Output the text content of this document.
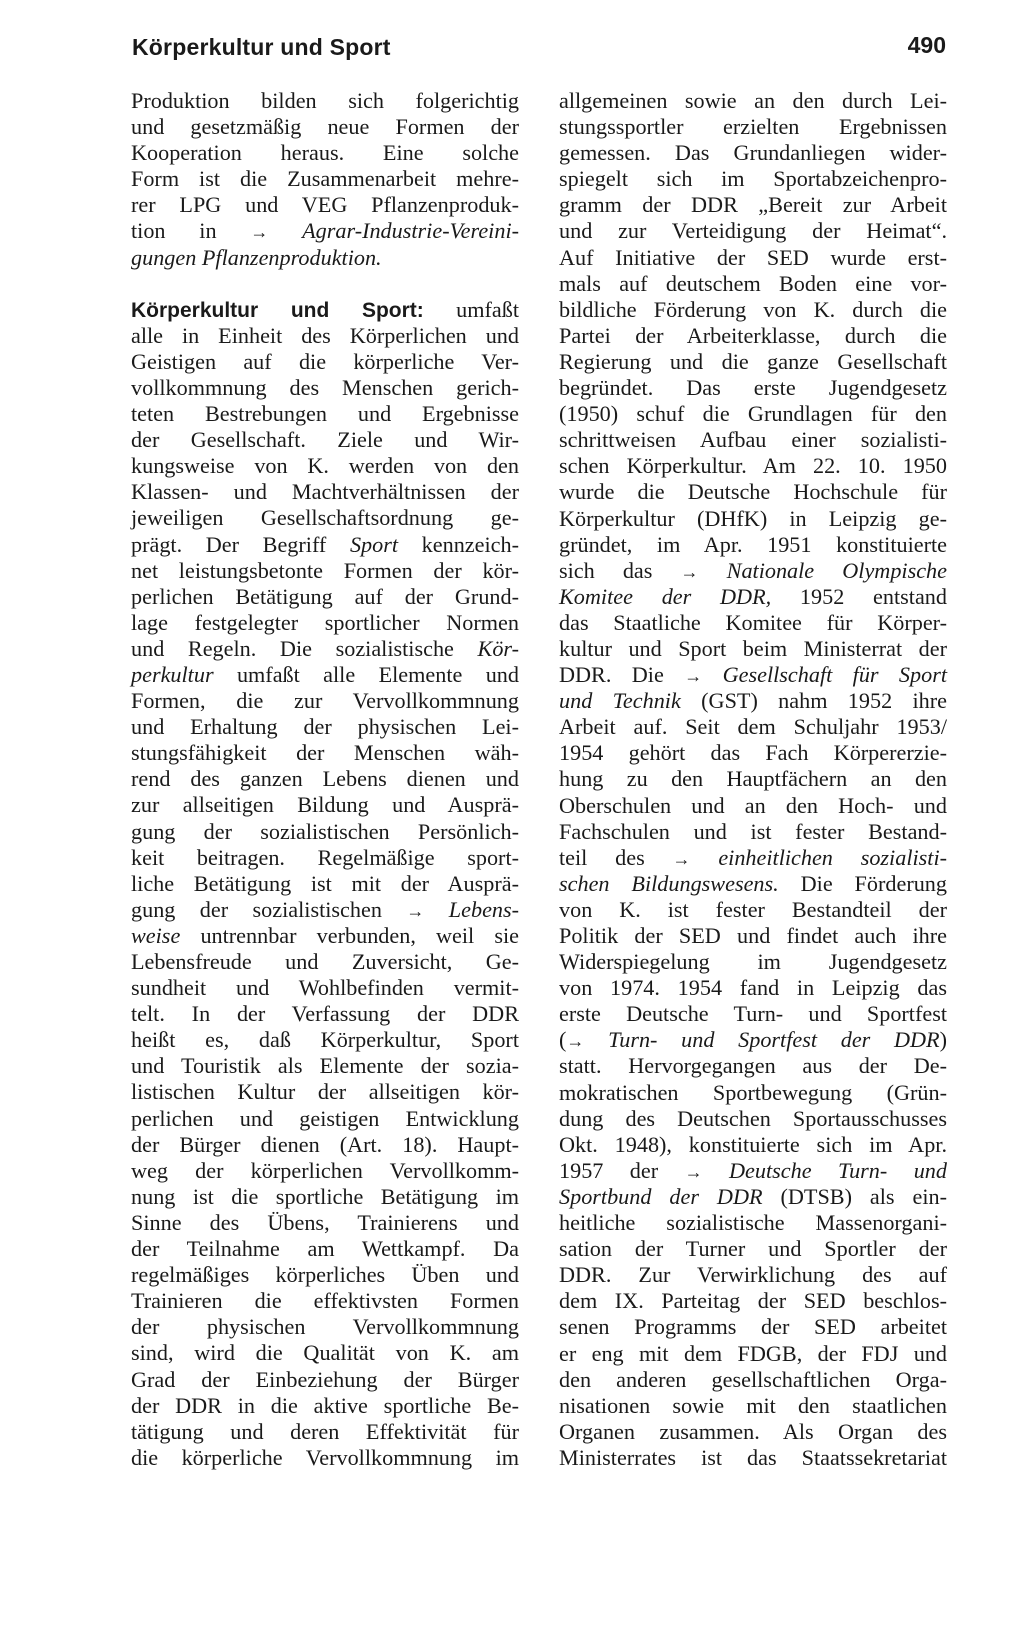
Körperkultur und Sport	490
Produktion bilden sich folgerichtig
und gesetzmäßig neue Formen der
Kooperation heraus. Eine solche
Form ist die Zusammenarbeit mehre-
rer LPG und VEG Pflanzenproduk-
tion in → Agrar-Industrie-Vereini-
gungen Pflanzenproduktion.
Körperkultur und Sport: umfaßt
alle in Einheit des Körperlichen und
Geistigen auf die körperliche Ver-
vollkommnung des Menschen gerich-
teten Bestrebungen und Ergebnisse
der Gesellschaft. Ziele und Wir-
kungsweise von K. werden von den
Klassen- und Machtverhältnissen der
jeweiligen Gesellschaftsordnung ge-
prägt. Der Begriff Sport kennzeich-
net leistungsbetonte Formen der kör-
perlichen Betätigung auf der Grund-
lage festgelegter sportlicher Normen
und Regeln. Die sozialistische Kör-
perkultur umfaßt alle Elemente und
Formen, die zur Vervollkommnung
und Erhaltung der physischen Lei-
stungsfähigkeit der Menschen wäh-
rend des ganzen Lebens dienen und
zur allseitigen Bildung und Ausprä-
gung der sozialistischen Persönlich-
keit beitragen. Regelmäßige sport-
liche Betätigung ist mit der Ausprä-
gung der sozialistischen → Lebens-
weise untrennbar verbunden, weil sie
Lebensfreude und Zuversicht, Ge-
sundheit und Wohlbefinden vermit-
telt. In der Verfassung der DDR
heißt es, daß Körperkultur, Sport
und Touristik als Elemente der sozia-
listischen Kultur der allseitigen kör-
perlichen und geistigen Entwicklung
der Bürger dienen (Art. 18). Haupt-
weg der körperlichen Vervollkomm-
nung ist die sportliche Betätigung im
Sinne des Übens, Trainierens und
der Teilnahme am Wettkampf. Da
regelmäßiges körperliches Üben und
Trainieren die effektivsten Formen
der physischen Vervollkommnung
sind, wird die Qualität von K. am
Grad der Einbeziehung der Bürger
der DDR in die aktive sportliche Be-
tätigung und deren Effektivität für
die körperliche Vervollkommnung im
allgemeinen sowie an den durch Lei-
stungssportler erzielten Ergebnissen
gemessen. Das Grundanliegen wider-
spiegelt sich im Sportabzeichenpro-
gramm der DDR „Bereit zur Arbeit
und zur Verteidigung der Heimat“.
Auf Initiative der SED wurde erst-
mals auf deutschem Boden eine vor-
bildliche Förderung von K. durch die
Partei der Arbeiterklasse, durch die
Regierung und die ganze Gesellschaft
begründet. Das erste Jugendgesetz
(1950) schuf die Grundlagen für den
schrittweisen Aufbau einer sozialisti-
schen Körperkultur. Am 22. 10. 1950
wurde die Deutsche Hochschule für
Körperkultur (DHfK) in Leipzig ge-
gründet, im Apr. 1951 konstituierte
sich das → Nationale Olympische
Komitee der DDR, 1952 entstand
das Staatliche Komitee für Körper-
kultur und Sport beim Ministerrat der
DDR. Die → Gesellschaft für Sport
und Technik (GST) nahm 1952 ihre
Arbeit auf. Seit dem Schuljahr 1953/
1954 gehört das Fach Körpererzie-
hung zu den Hauptfächern an den
Oberschulen und an den Hoch- und
Fachschulen und ist fester Bestand-
teil des → einheitlichen sozialisti-
schen Bildungswesens. Die Förderung
von K. ist fester Bestandteil der
Politik der SED und findet auch ihre
Widerspiegelung im Jugendgesetz
von 1974. 1954 fand in Leipzig das
erste Deutsche Turn- und Sportfest
(→ Turn- und Sportfest der DDR)
statt. Hervorgegangen aus der De-
mokratischen Sportbewegung (Grün-
dung des Deutschen Sportausschusses
Okt. 1948), konstituierte sich im Apr.
1957 der → Deutsche Turn- und
Sportbund der DDR (DTSB) als ein-
heitliche sozialistische Massenorgani-
sation der Turner und Sportler der
DDR. Zur Verwirklichung des auf
dem IX. Parteitag der SED beschlos-
senen Programms der SED arbeitet
er eng mit dem FDGB, der FDJ und
den anderen gesellschaftlichen Orga-
nisationen sowie mit den staatlichen
Organen zusammen. Als Organ des
Ministerrates ist das Staatssekretariat
